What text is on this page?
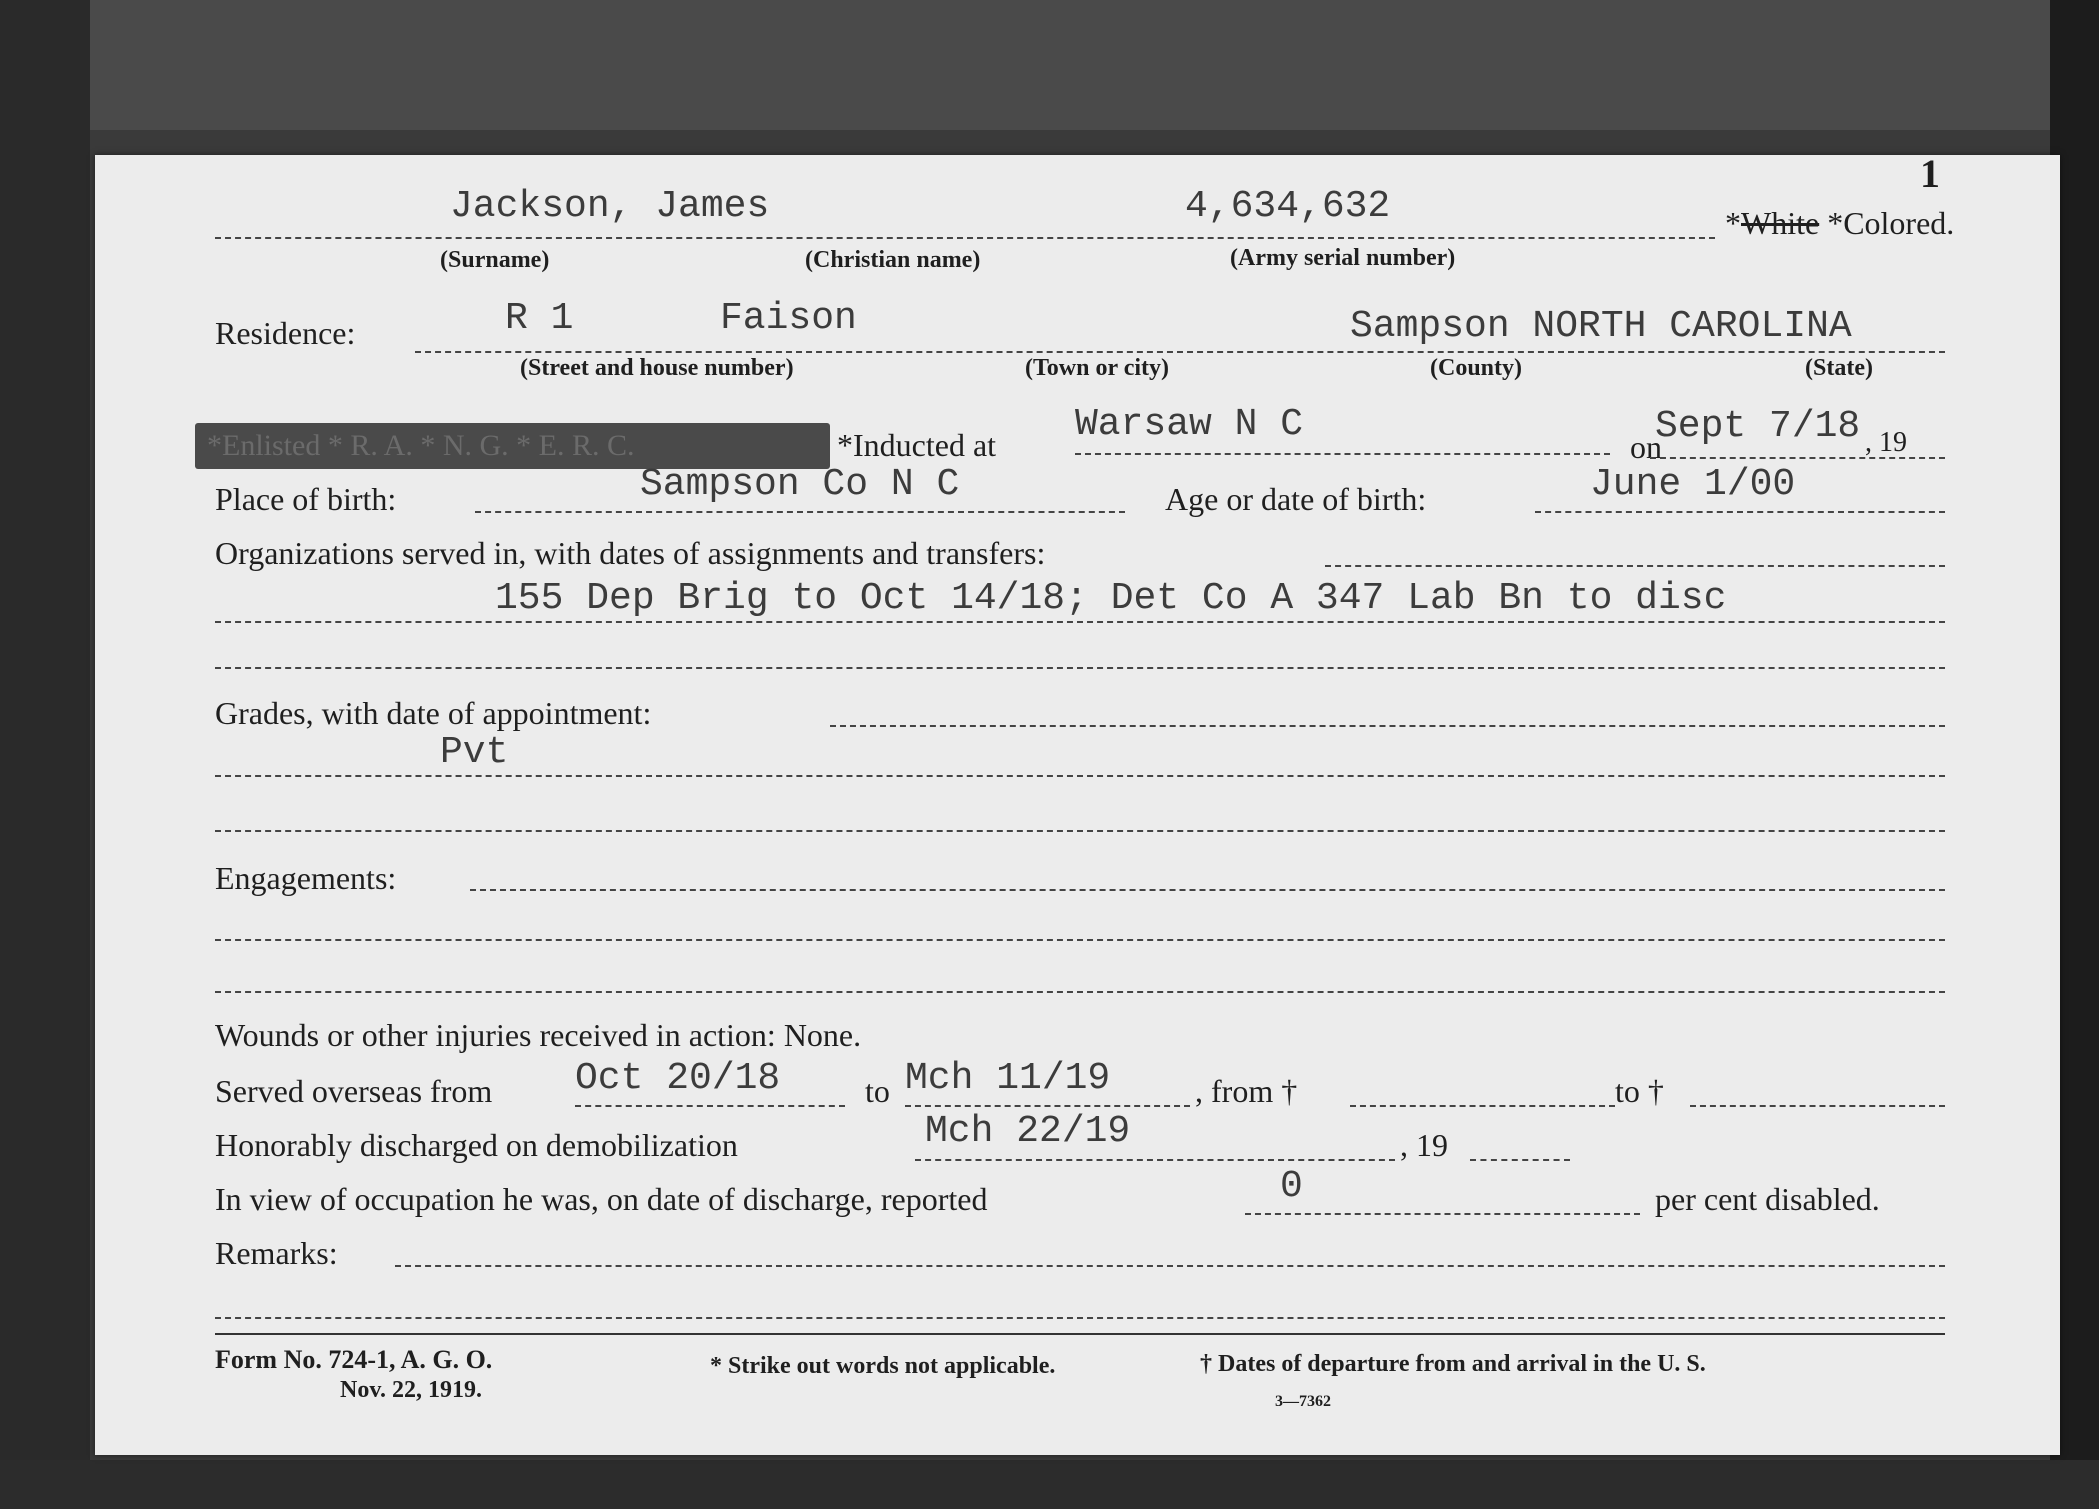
1
Jackson, James	4,634,632	*White *Colored.
(Surname)	(Christian name)	(Army serial number)
Residence:	R 1	Faison	Sampson NORTH CAROLINA
(Street and house number)	(Town or city)	(County)	(State)
*Enlisted * R. A. * N. G. * E. R. C.	*Inducted at Warsaw N C
on
Sept 7/18 , 19
Place of birth:	Sampson Co N C	Age or date of birth:	June 1/00
Organizations served in, with dates of assignments and transfers:
155 Dep Brig to Oct 14/18; Det Co A 347 Lab Bn to disc
Grades, with date of appointment:
Pvt
Engagements:
Wounds or other injuries received in action: None.
Served overseas from Oct 20/18	to Mch 11/19	, from †	to †
Honorably discharged on demobilization	Mch 22/19	, 19
In view of occupation he was, on date of discharge, reported	0	per cent disabled.
Remarks:
Form No. 724-1, A. G. O.
Nov. 22, 1919.
* Strike out words not applicable.	† Dates of departure from and arrival in the U. S.
3—7362
